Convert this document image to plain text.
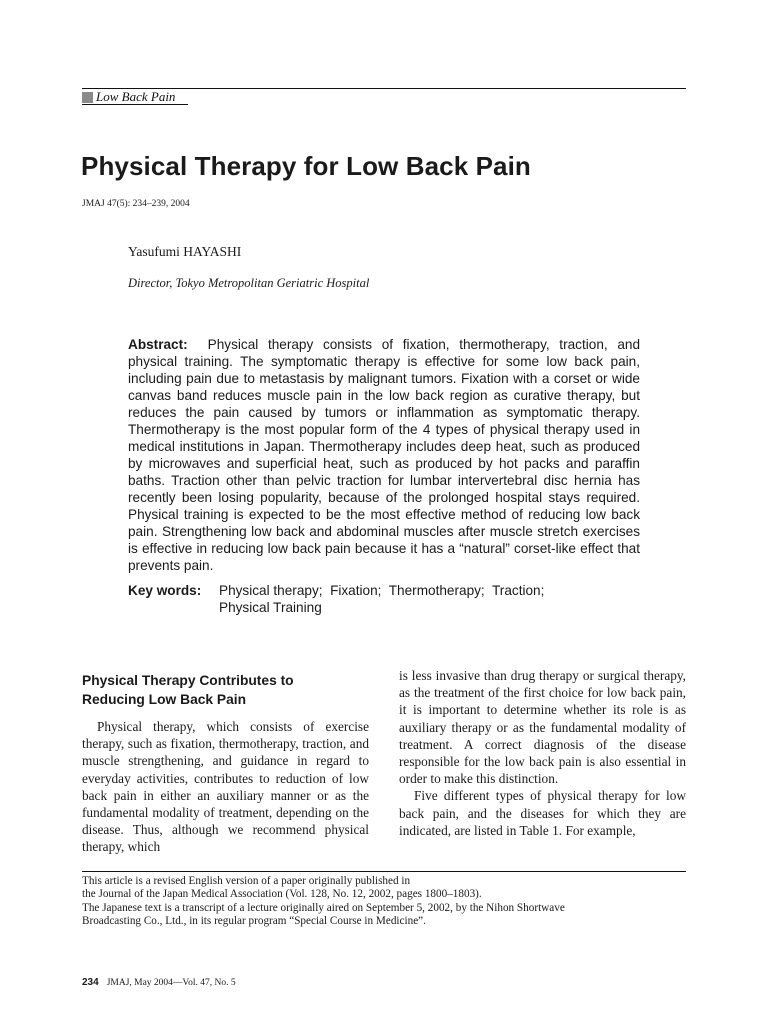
Low Back Pain
Physical Therapy for Low Back Pain
JMAJ 47(5): 234–239, 2004
Yasufumi HAYASHI
Director, Tokyo Metropolitan Geriatric Hospital
Abstract: Physical therapy consists of fixation, thermotherapy, traction, and physical training. The symptomatic therapy is effective for some low back pain, including pain due to metastasis by malignant tumors. Fixation with a corset or wide canvas band reduces muscle pain in the low back region as curative therapy, but reduces the pain caused by tumors or inflammation as symptomatic therapy. Thermotherapy is the most popular form of the 4 types of physical therapy used in medical institutions in Japan. Thermotherapy includes deep heat, such as produced by microwaves and superficial heat, such as produced by hot packs and paraffin baths. Traction other than pelvic traction for lumbar intervertebral disc hernia has recently been losing popularity, because of the prolonged hospital stays required. Physical training is expected to be the most effective method of reducing low back pain. Strengthening low back and abdominal muscles after muscle stretch exercises is effective in reducing low back pain because it has a “natural” corset-like effect that prevents pain.
Key words: Physical therapy;  Fixation;  Thermotherapy;  Traction;
Physical Training
Physical Therapy Contributes to
Reducing Low Back Pain

Physical therapy, which consists of exercise therapy, such as fixation, thermotherapy, traction, and muscle strengthening, and guidance in regard to everyday activities, contributes to reduction of low back pain in either an auxiliary manner or as the fundamental modality of treatment, depending on the disease. Thus, although we recommend physical therapy, which

is less invasive than drug therapy or surgical therapy, as the treatment of the first choice for low back pain, it is important to determine whether its role is as auxiliary therapy or as the fundamental modality of treatment. A correct diagnosis of the disease responsible for the low back pain is also essential in order to make this distinction.

Five different types of physical therapy for low back pain, and the diseases for which they are indicated, are listed in Table 1. For example,

This article is a revised English version of a paper originally published in
the Journal of the Japan Medical Association (Vol. 128, No. 12, 2002, pages 1800–1803).
The Japanese text is a transcript of a lecture originally aired on September 5, 2002, by the Nihon Shortwave
Broadcasting Co., Ltd., in its regular program “Special Course in Medicine”.
234 JMAJ, May 2004—Vol. 47, No. 5
